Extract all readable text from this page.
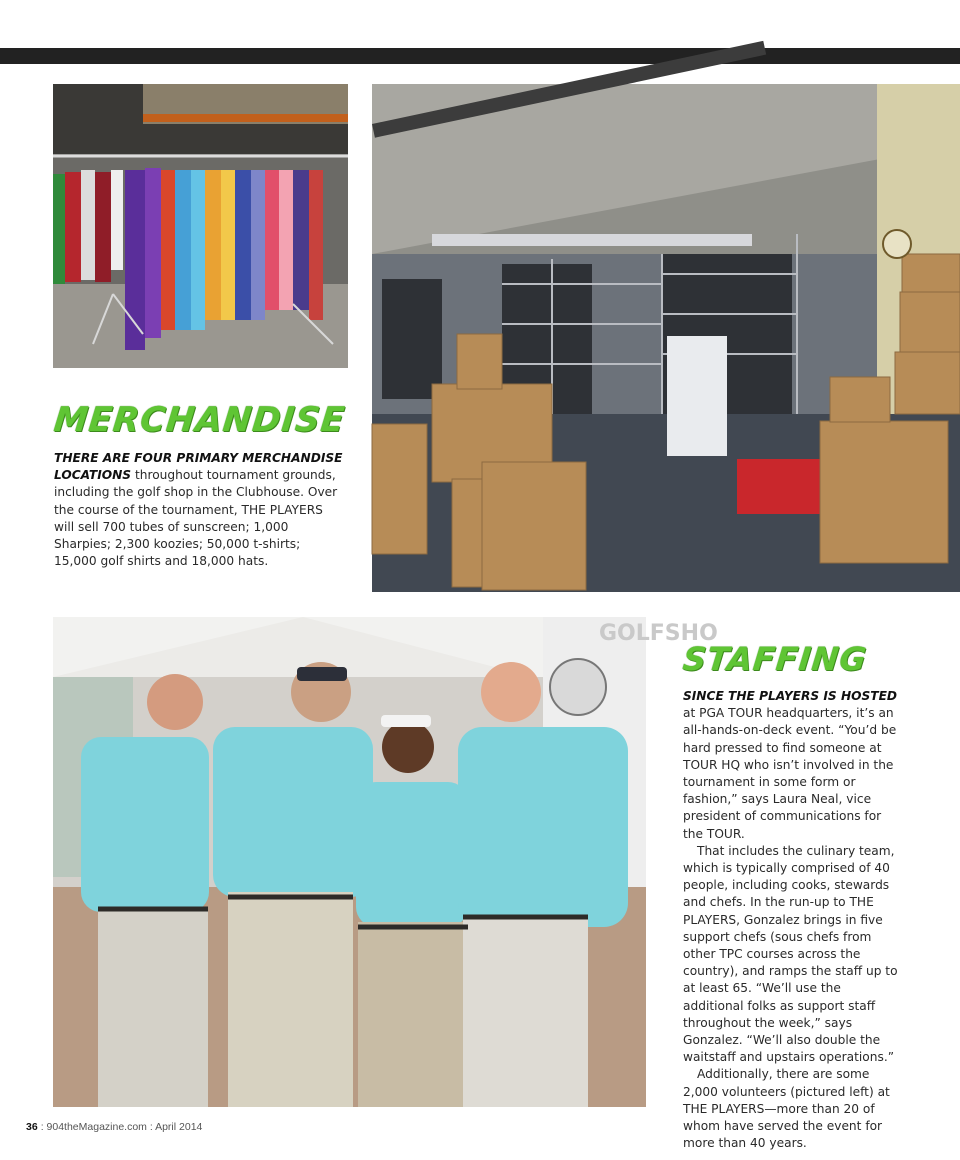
GOLFSHO
MERCHANDISE

THERE ARE FOUR PRIMARY MERCHANDISE LOCATIONS throughout tournament grounds, including the golf shop in the Clubhouse. Over the course of the tournament, THE PLAYERS will sell 700 tubes of sunscreen; 1,000 Sharpies; 2,300 koozies; 50,000 t-shirts; 15,000 golf shirts and 18,000 hats.

STAFFING

SINCE THE PLAYERS IS HOSTED at PGA TOUR headquarters, it’s an all-hands-on-deck event. “You’d be hard pressed to find someone at TOUR HQ who isn’t involved in the tournament in some form or fashion,” says Laura Neal, vice president of communications for the TOUR.

That includes the culinary team, which is typically comprised of 40 people, including cooks, stewards and chefs. In the run-up to THE PLAYERS, Gonzalez brings in five support chefs (sous chefs from other TPC courses across the country), and ramps the staff up to at least 65. “We’ll use the additional folks as support staff throughout the week,” says Gonzalez. “We’ll also double the waitstaff and upstairs operations.”

Additionally, there are some 2,000 volunteers (pictured left) at THE PLAYERS—more than 20 of whom have served the event for more than 40 years.

36 : 904theMagazine.com : April 2014
